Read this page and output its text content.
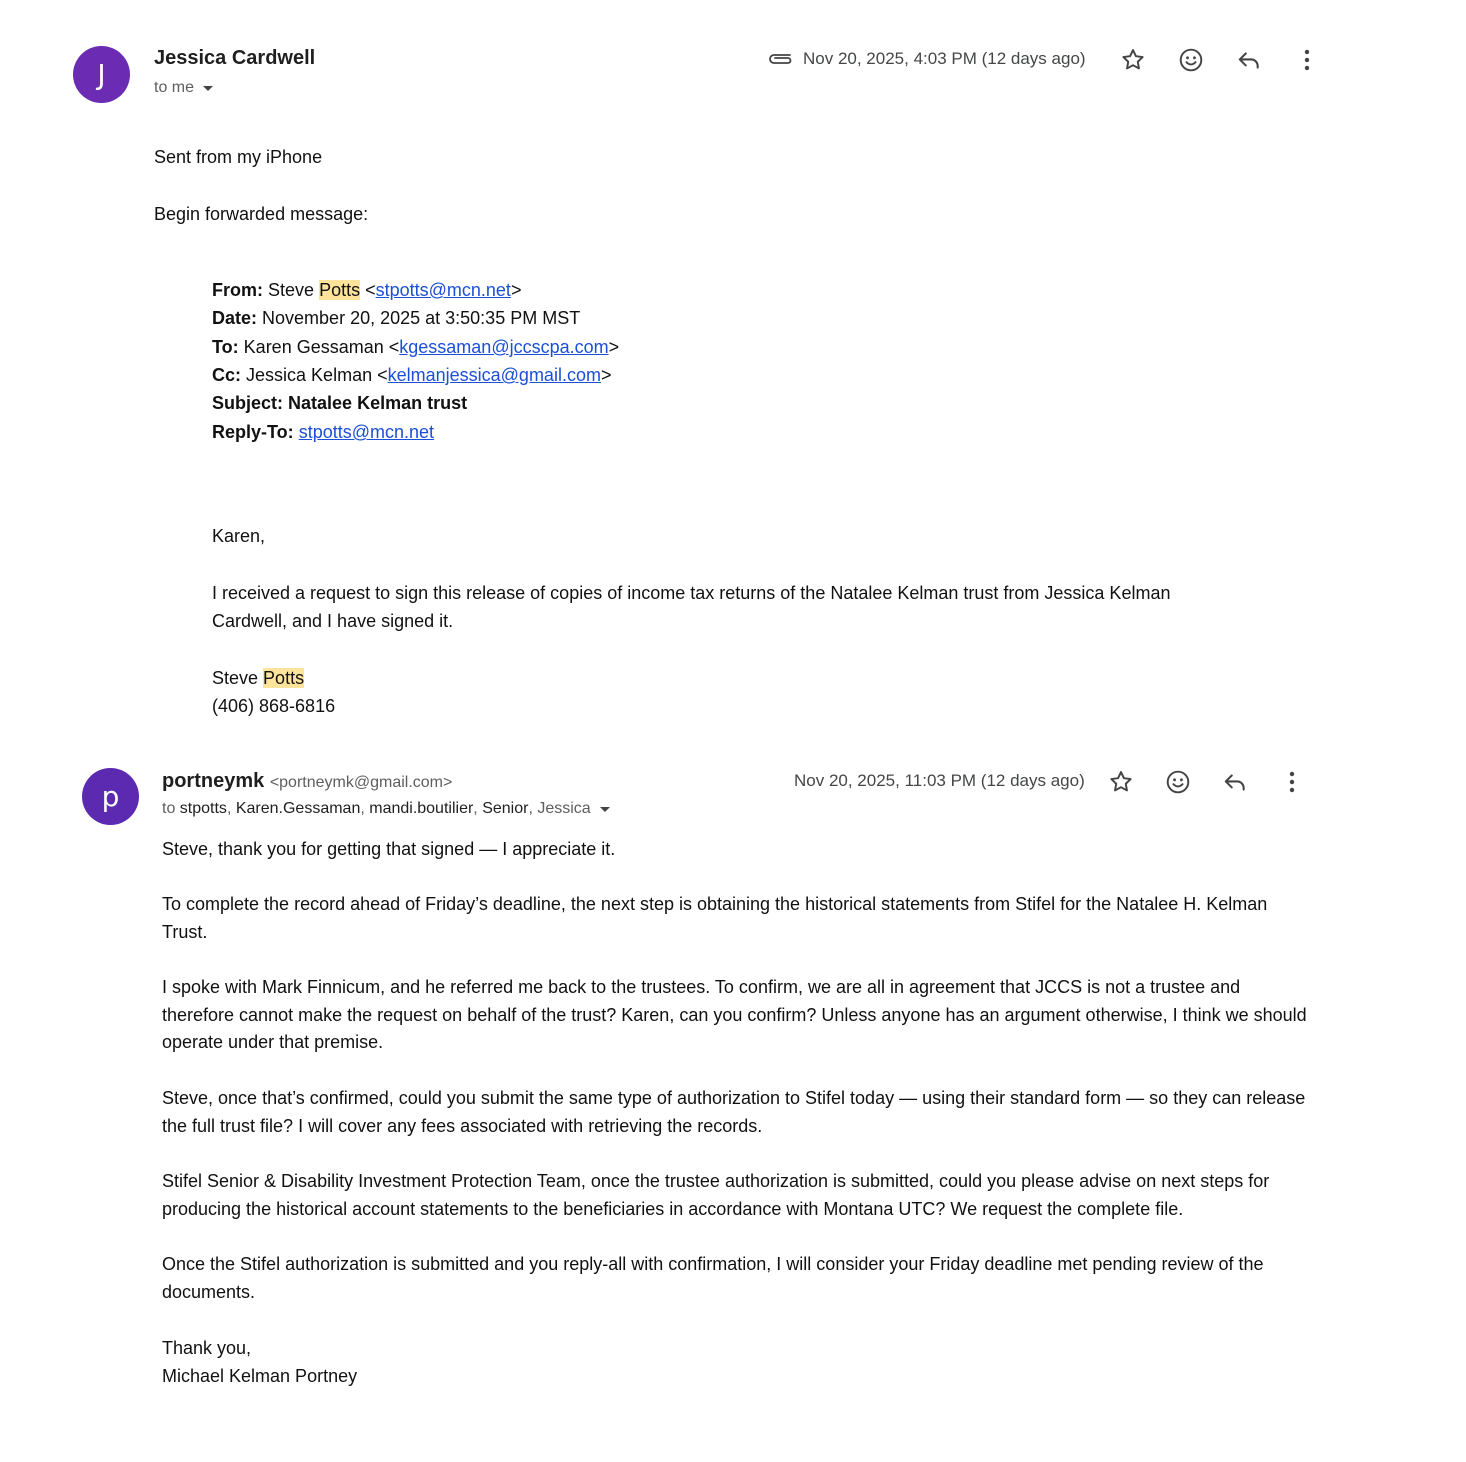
J Jessica Cardwell
to me
Nov 20, 2025, 4:03 PM (12 days ago)
Sent from my iPhone
Begin forwarded message:
From: Steve Potts <stpotts@mcn.net>
Date: November 20, 2025 at 3:50:35 PM MST
To: Karen Gessaman <kgessaman@jccscpa.com>
Cc: Jessica Kelman <kelmanjessica@gmail.com>
Subject: Natalee Kelman trust
Reply-To: stpotts@mcn.net
Karen,
I received a request to sign this release of copies of income tax returns of the Natalee Kelman trust from Jessica Kelman
Cardwell, and I have signed it.
Steve Potts
(406) 868-6816
p portneymk <portneymk@gmail.com>
to
stpotts , Karen.Gessaman , mandi.boutilier , Senior , Jessica
Nov 20, 2025, 11:03 PM (12 days ago)
Steve, thank you for getting that signed — I appreciate it.
To complete the record ahead of Friday’s deadline, the next step is obtaining the historical statements from Stifel for the Natalee H. Kelman Trust.
I spoke with Mark Finnicum, and he referred me back to the trustees. To confirm, we are all in agreement that JCCS is not a trustee and therefore cannot make the request on behalf of the trust? Karen, can you confirm? Unless anyone has an argument otherwise, I think we should operate under that premise.
Steve, once that’s confirmed, could you submit the same type of authorization to Stifel today — using their standard form — so they can release the full trust file? I will cover any fees associated with retrieving the records.
Stifel Senior & Disability Investment Protection Team, once the trustee authorization is submitted, could you please advise on next steps for producing the historical account statements to the beneficiaries in accordance with Montana UTC? We request the complete file.
Once the Stifel authorization is submitted and you reply-all with confirmation, I will consider your Friday deadline met pending review of the documents.
Thank you,
Michael Kelman Portney
